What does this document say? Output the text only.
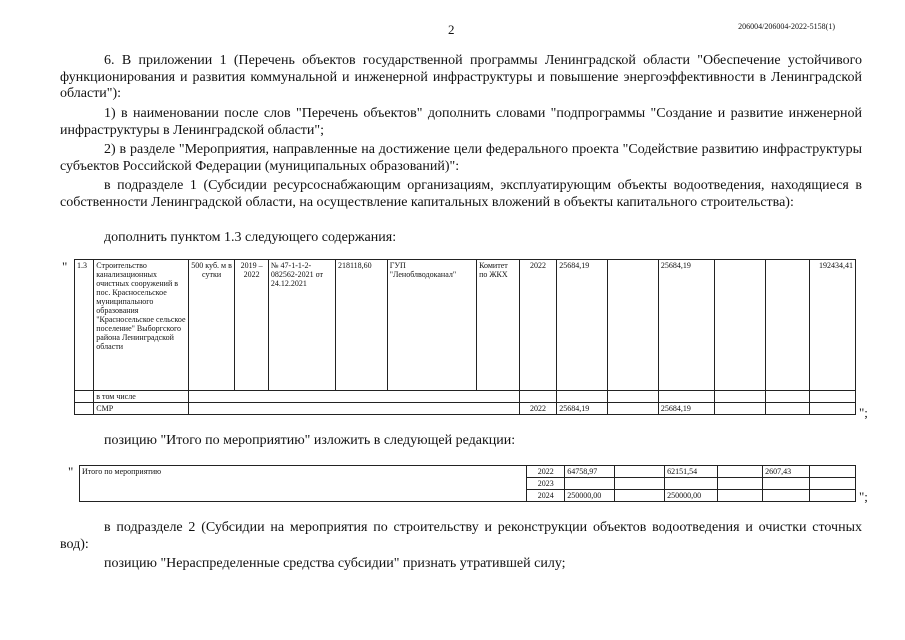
2	206004/206004-2022-5158(1)
6. В приложении 1 (Перечень объектов государственной программы Ленинградской области "Обеспечение устойчивого функционирования и развития коммунальной и инженерной инфраструктуры и повышение энергоэффективности в Ленинградской области"):
1) в наименовании после слов "Перечень объектов" дополнить словами "подпрограммы "Создание и развитие инженерной инфраструктуры в Ленинградской области";
2) в разделе "Мероприятия, направленные на достижение цели федерального проекта "Содействие развитию инфраструктуры субъектов Российской Федерации (муниципальных образований)":
в подразделе 1 (Субсидии ресурсоснабжающим организациям, эксплуатирующим объекты водоотведения, находящиеся в собственности Ленинградской области, на осуществление капитальных вложений в объекты капитального строительства):
дополнить пунктом 1.3 следующего содержания:
" 1.3	Строительство канализационных очистных сооружений в пос. Красносельское муниципального образования "Красносельское сельское поселение" Выборгского района Ленинградской области	500 куб. м в сутки	2019 – 2022	№ 47-1-1-2-082562-2021 от 24.12.2021	218118,60	ГУП "Леноблводоканал"	Комитет по ЖКХ	2022	25684,19		25684,19			192434,41
	в том числе													
	СМР							2022	25684,19		25684,19				";
позицию "Итого по мероприятию" изложить в следующей редакции:
" Итого по мероприятию	2022	64758,97		62151,54		2607,43	
	2023						
	2024	250000,00		250000,00				";
в подразделе 2 (Субсидии на мероприятия по строительству и реконструкции объектов водоотведения и очистки сточных вод):
позицию "Нераспределенные средства субсидии" признать утратившей силу;
